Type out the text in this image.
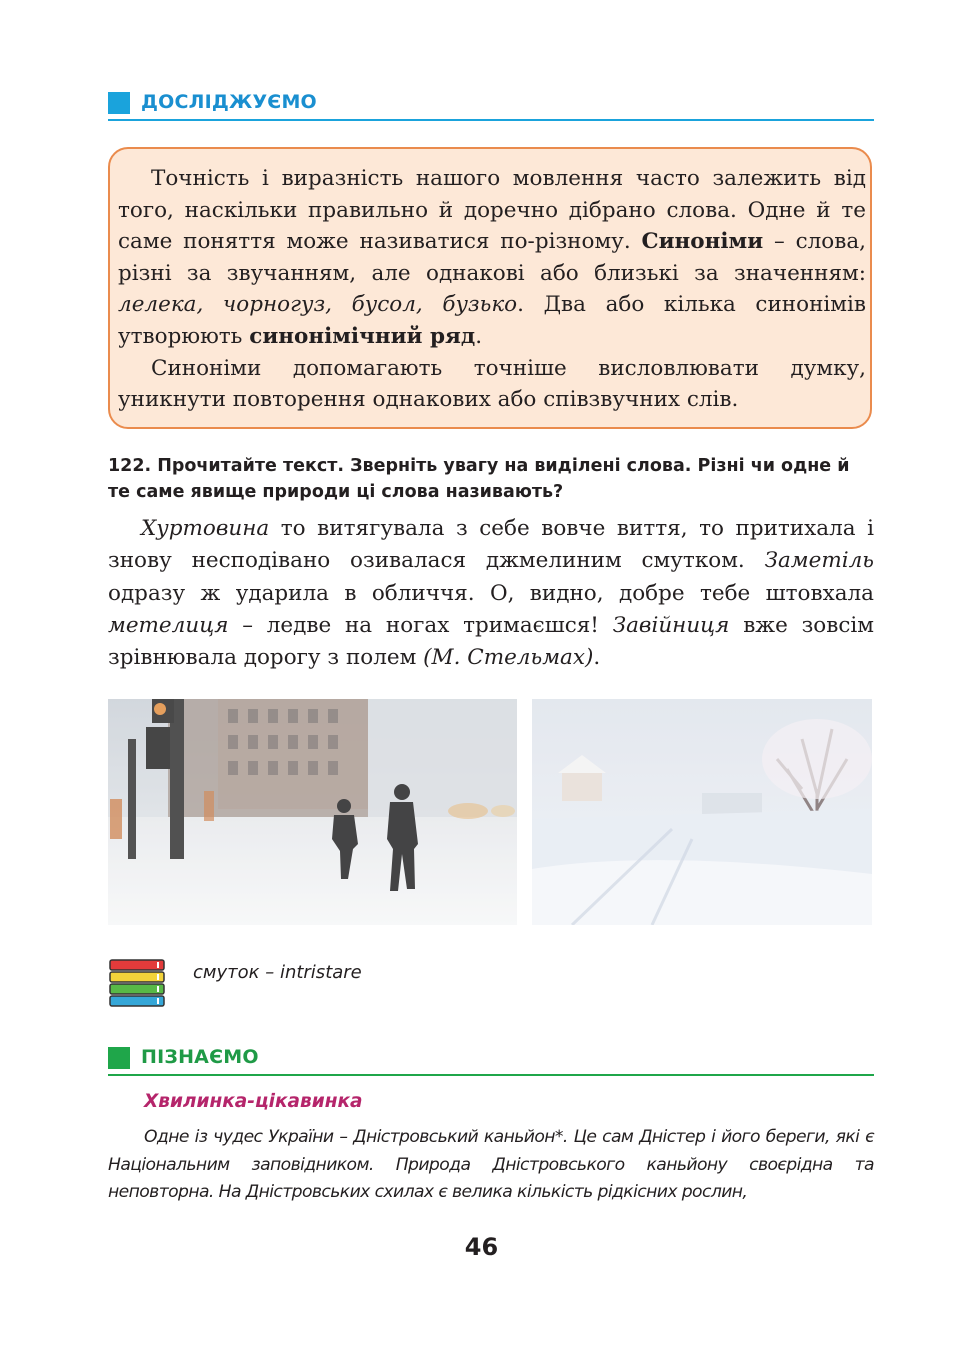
ДОСЛІДЖУЄМО

Точність і виразність нашого мовлення часто залежить від того, наскільки правильно й доречно дібрано слова. Одне й те саме поняття може називатися по-різному. Синоніми – слова, різні за звучанням, але однакові або близькі за значенням: лелека, чорногуз, бусол, бузько. Два або кілька синонімів утворюють синонімічний ряд.

Синоніми допомагають точніше висловлювати думку, уникнути повторення однакових або співзвучних слів.

122. Прочитайте текст. Зверніть увагу на виділені слова. Різні чи одне й те саме явище природи ці слова називають?
Хуртовина то витягувала з себе вовче виття, то притихала і знову несподівано озивалася джмелиним смутком. Заметіль одразу ж ударила в обличчя. О, видно, добре тебе штовхала метелиця – ледве на ногах тримаєшся! Завійниця вже зовсім зрівнювала дорогу з полем (М. Стельмах).
смуток – intristare
ПІЗНАЄМО
Хвилинка-цікавинка
Одне із чудес України – Дністровський каньйон*. Це сам Дністер і його береги, які є Національним заповідником. Природа Дністровського каньйону своєрідна та неповторна. На Дністровських схилах є велика кількість рідкісних рослин,
46
